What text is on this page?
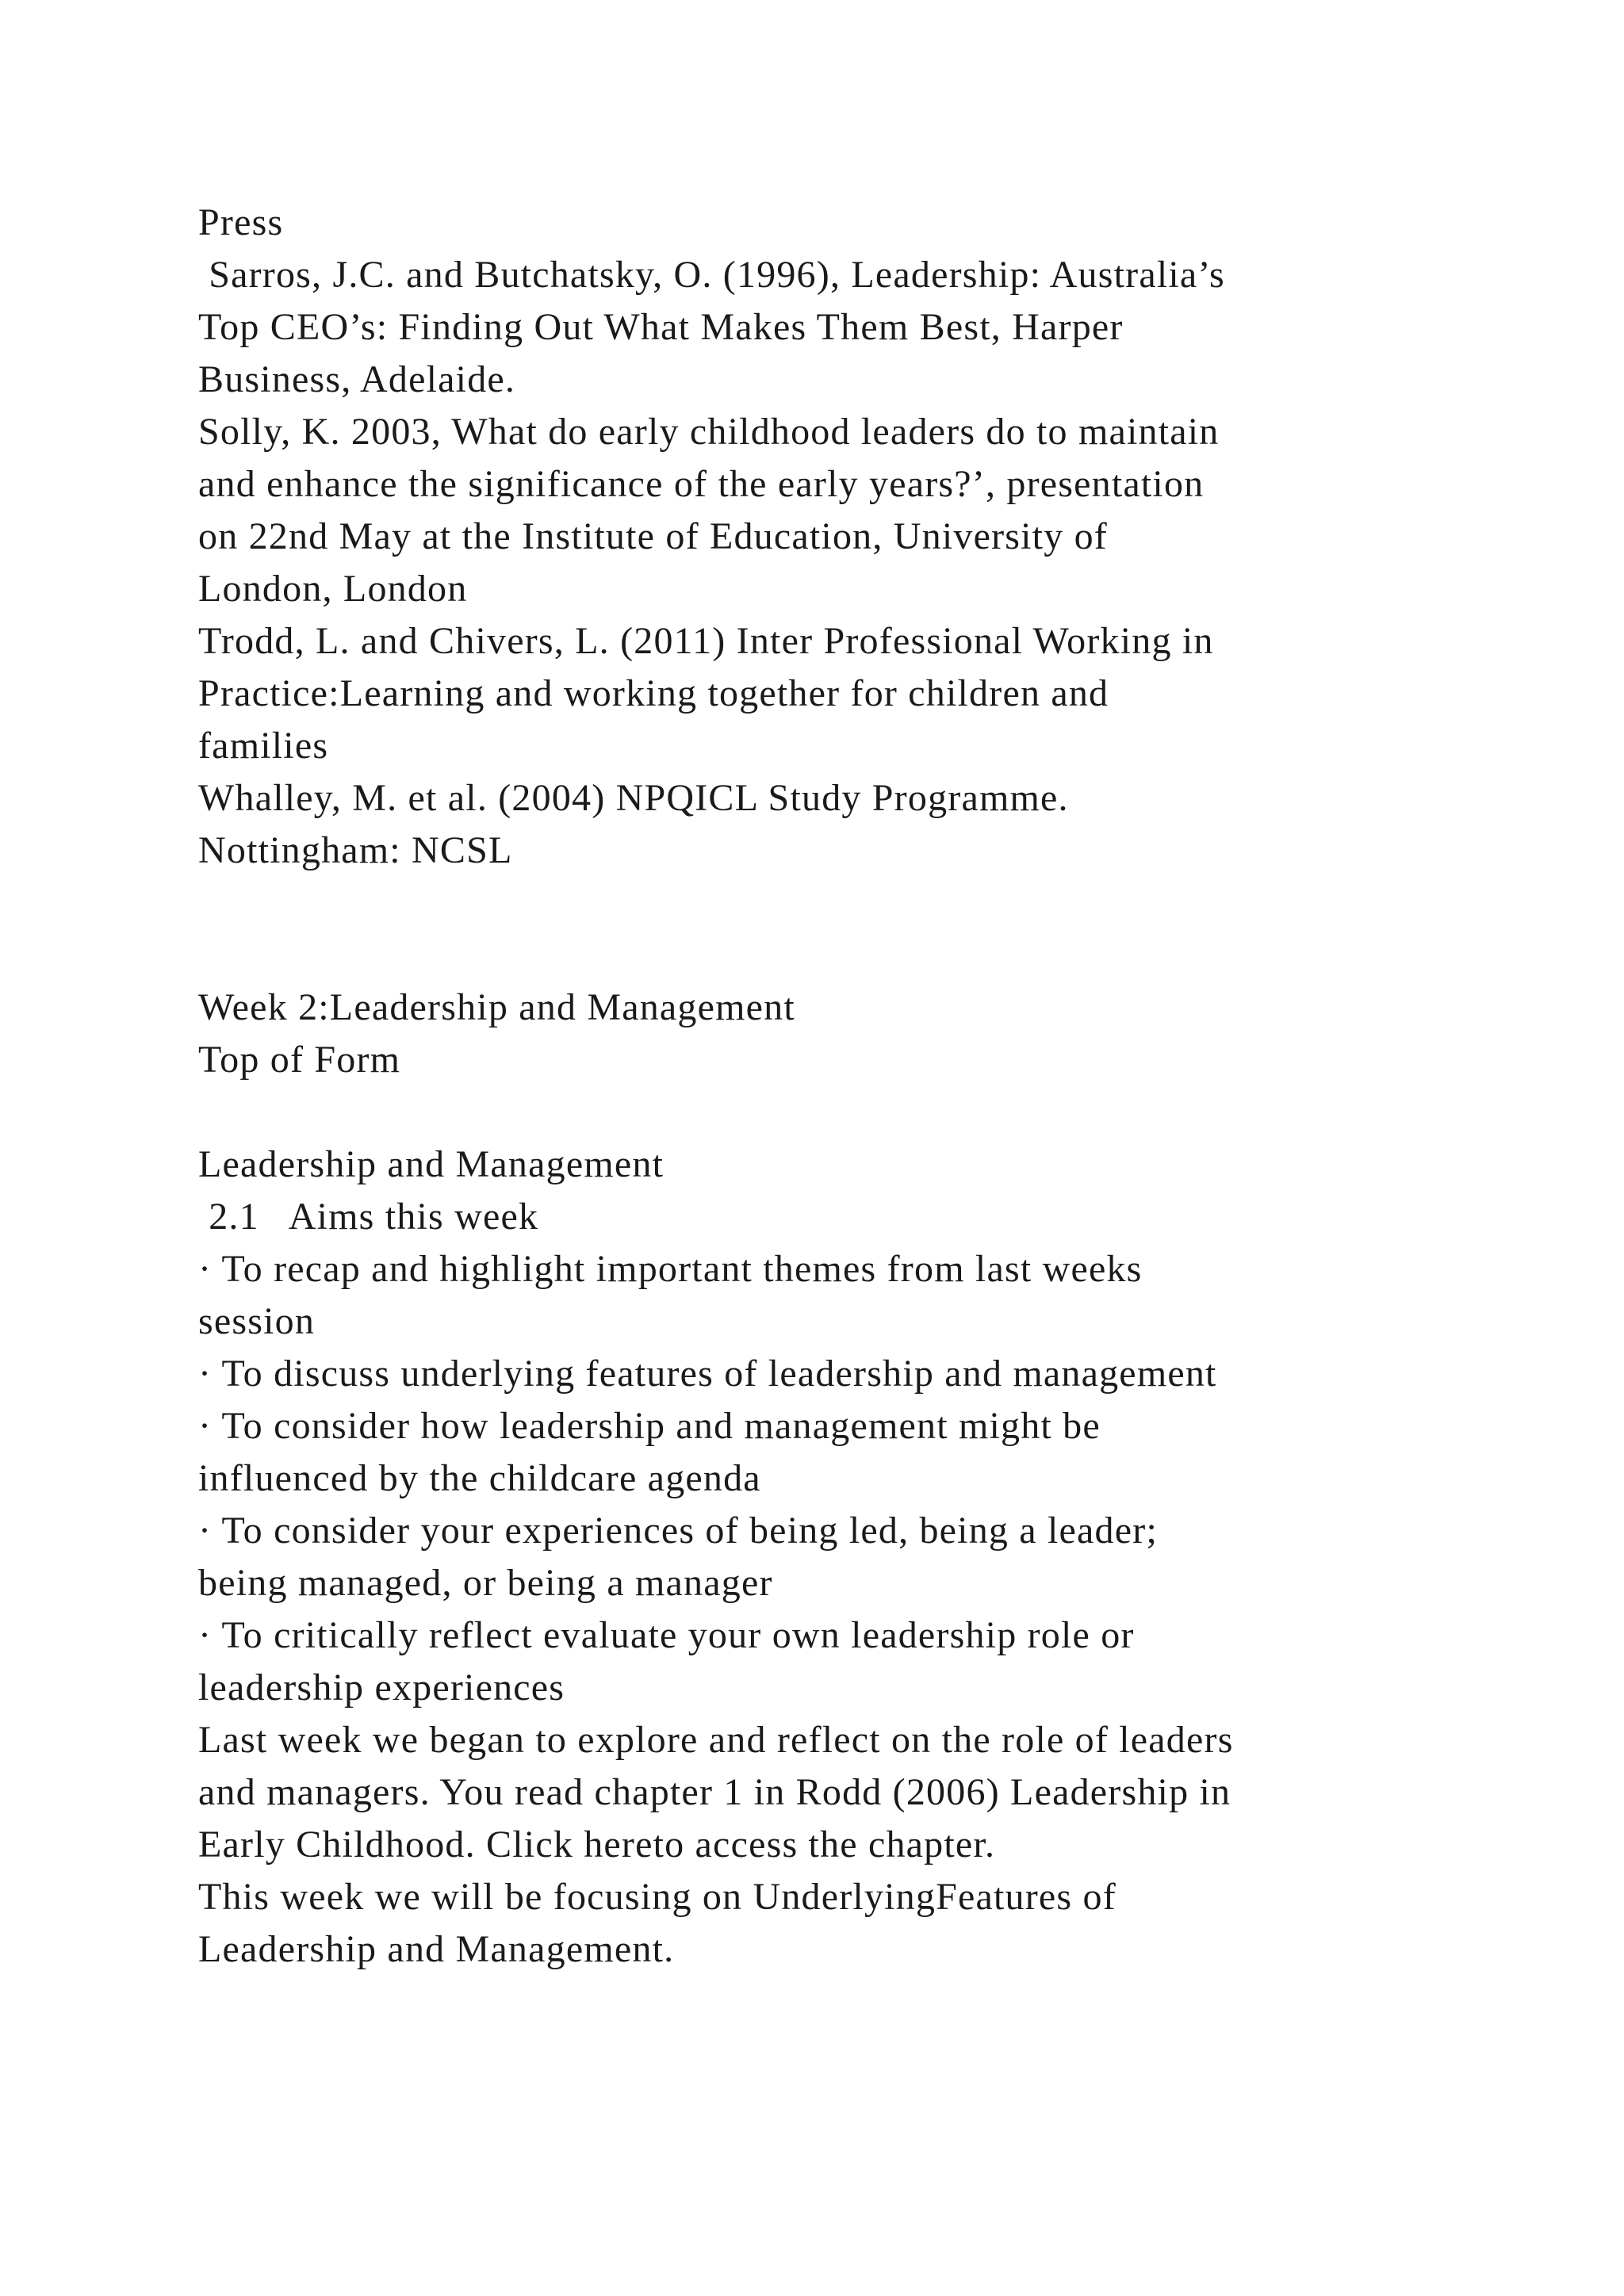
Press
Sarros, J.C. and Butchatsky, O. (1996), Leadership: Australia’s
Top CEO’s: Finding Out What Makes Them Best, Harper
Business, Adelaide.
Solly, K. 2003, What do early childhood leaders do to maintain
and enhance the significance of the early years?’, presentation
on 22nd May at the Institute of Education, University of
London, London
Trodd, L. and Chivers, L. (2011) Inter Professional Working in
Practice:Learning and working together for children and
families
Whalley, M. et al. (2004) NPQICL Study Programme.
Nottingham: NCSL
Week 2:Leadership and Management
Top of Form
Leadership and Management
2.1   Aims this week
· To recap and highlight important themes from last weeks
session
· To discuss underlying features of leadership and management
· To consider how leadership and management might be
influenced by the childcare agenda
· To consider your experiences of being led, being a leader;
being managed, or being a manager
· To critically reflect evaluate your own leadership role or
leadership experiences
Last week we began to explore and reflect on the role of leaders
and managers. You read chapter 1 in Rodd (2006) Leadership in
Early Childhood. Click hereto access the chapter.
This week we will be focusing on UnderlyingFeatures of
Leadership and Management.
